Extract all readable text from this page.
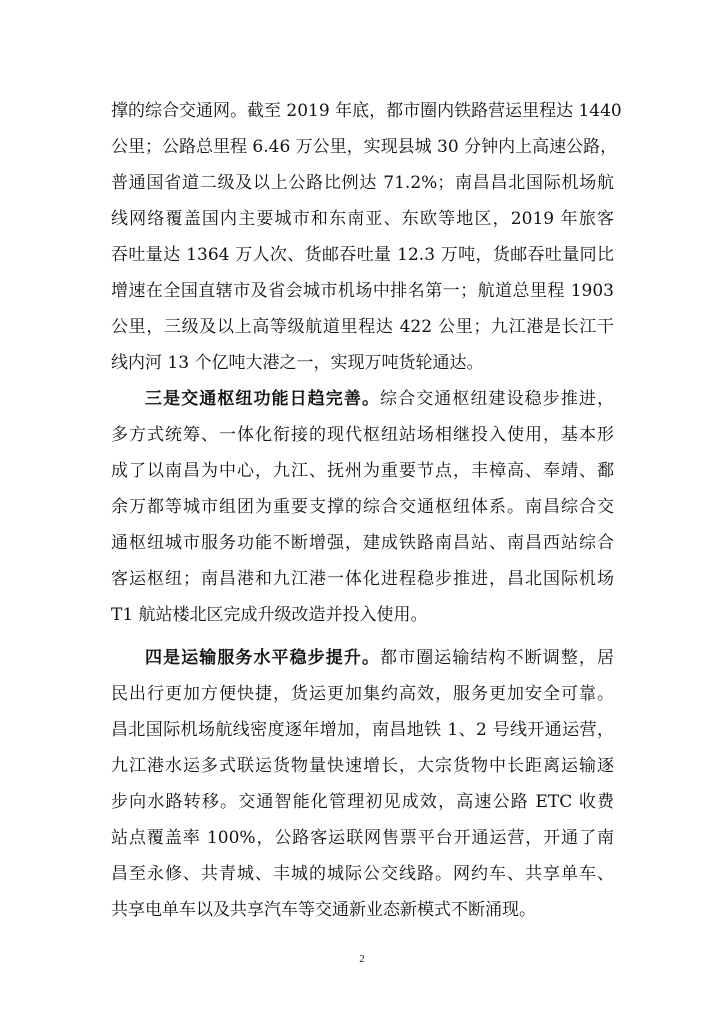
撑的综合交通网。截至 2019 年底，都市圈内铁路营运里程达 1440
公里；公路总里程 6.46 万公里，实现县城 30 分钟内上高速公路，
普通国省道二级及以上公路比例达 71.2%；南昌昌北国际机场航
线网络覆盖国内主要城市和东南亚、东欧等地区，2019 年旅客
吞吐量达 1364 万人次、货邮吞吐量 12.3 万吨，货邮吞吐量同比
增速在全国直辖市及省会城市机场中排名第一；航道总里程 1903
公里，三级及以上高等级航道里程达 422 公里；九江港是长江干
线内河 13 个亿吨大港之一，实现万吨货轮通达。
三是交通枢纽功能日趋完善。综合交通枢纽建设稳步推进，
多方式统筹、一体化衔接的现代枢纽站场相继投入使用，基本形
成了以南昌为中心，九江、抚州为重要节点，丰樟高、奉靖、鄱
余万都等城市组团为重要支撑的综合交通枢纽体系。南昌综合交
通枢纽城市服务功能不断增强，建成铁路南昌站、南昌西站综合
客运枢纽；南昌港和九江港一体化进程稳步推进，昌北国际机场
T1 航站楼北区完成升级改造并投入使用。
四是运输服务水平稳步提升。都市圈运输结构不断调整，居
民出行更加方便快捷，货运更加集约高效，服务更加安全可靠。
昌北国际机场航线密度逐年增加，南昌地铁 1、2 号线开通运营，
九江港水运多式联运货物量快速增长，大宗货物中长距离运输逐
步向水路转移。交通智能化管理初见成效，高速公路 ETC 收费
站点覆盖率 100%，公路客运联网售票平台开通运营，开通了南
昌至永修、共青城、丰城的城际公交线路。网约车、共享单车、
共享电单车以及共享汽车等交通新业态新模式不断涌现。
2
